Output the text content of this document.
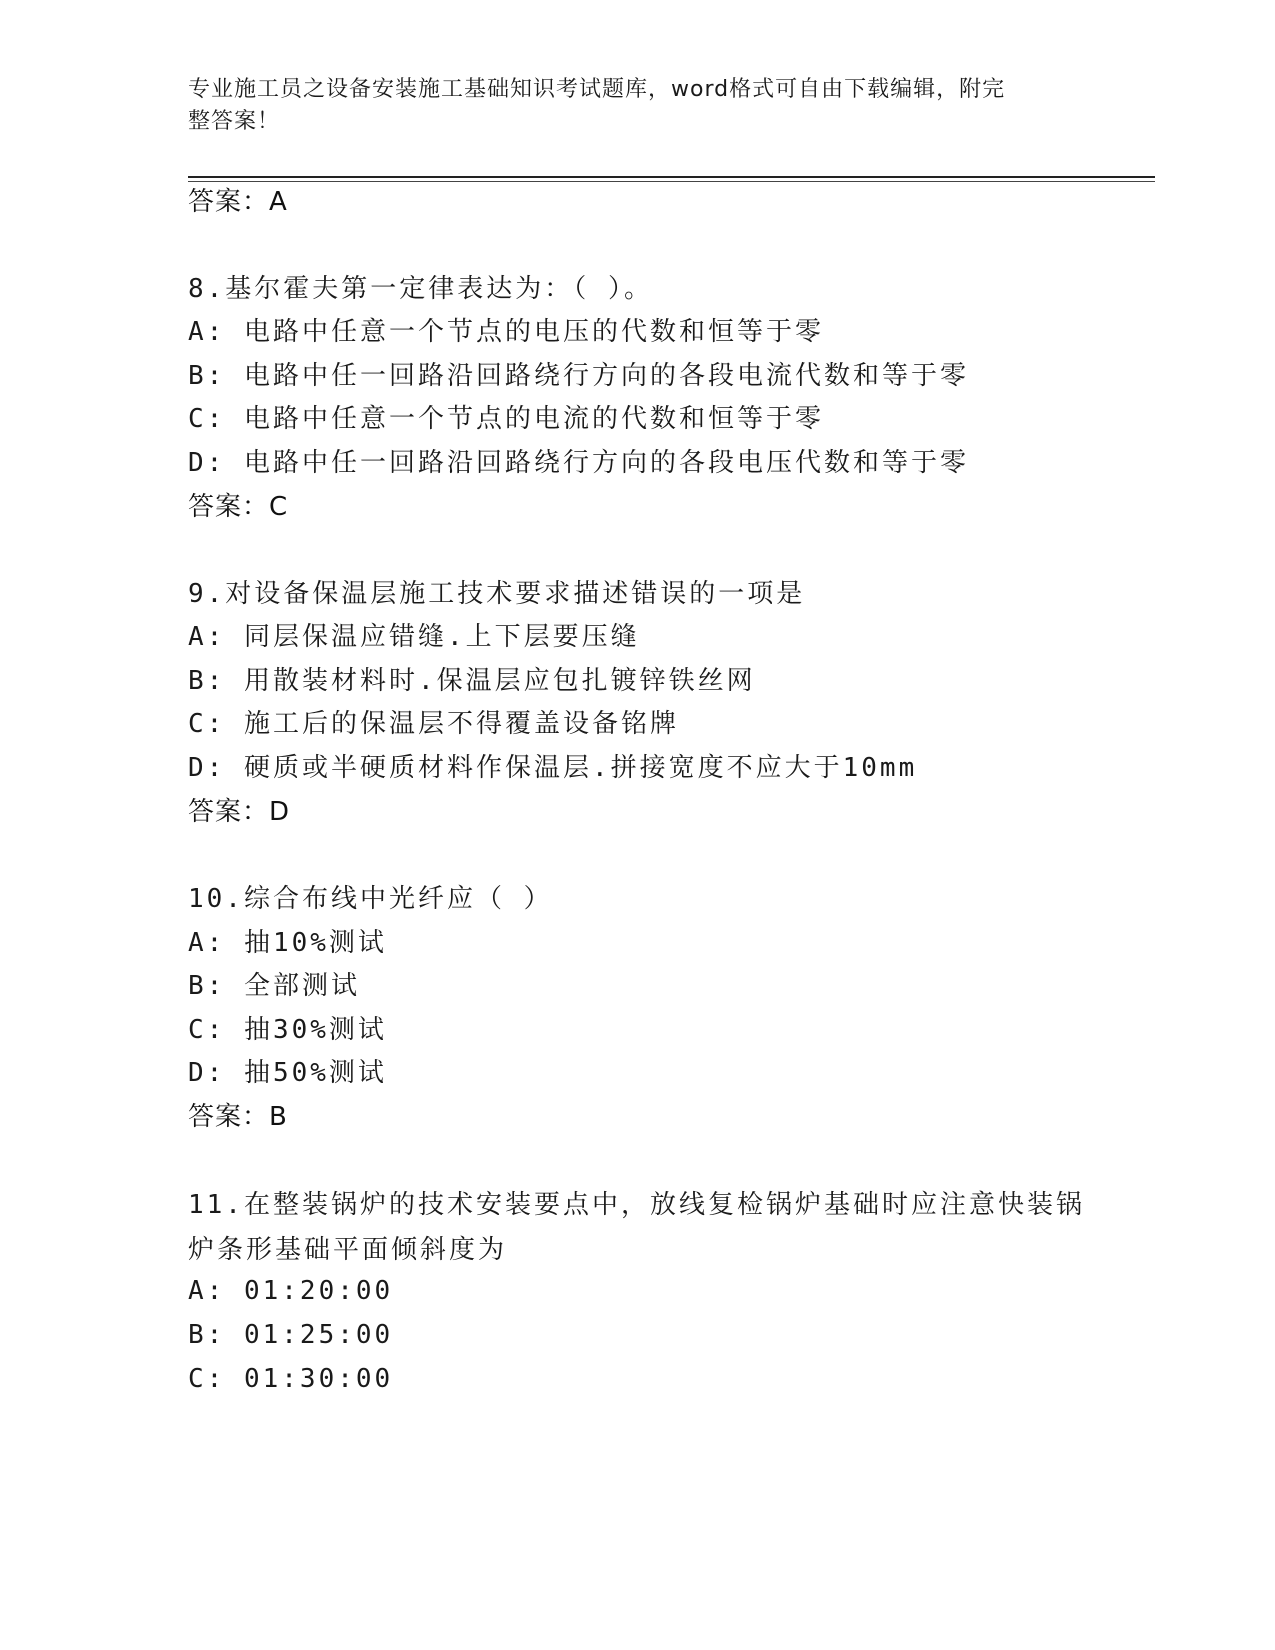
专业施工员之设备安装施工基础知识考试题库，word格式可自由下载编辑，附完
整答案！
答案：A
8.基尔霍夫第一定律表达为：（ ）。
A: 电路中任意一个节点的电压的代数和恒等于零
B: 电路中任一回路沿回路绕行方向的各段电流代数和等于零
C: 电路中任意一个节点的电流的代数和恒等于零
D: 电路中任一回路沿回路绕行方向的各段电压代数和等于零
答案：C
9.对设备保温层施工技术要求描述错误的一项是
A: 同层保温应错缝.上下层要压缝
B: 用散装材料时.保温层应包扎镀锌铁丝网
C: 施工后的保温层不得覆盖设备铭牌
D: 硬质或半硬质材料作保温层.拼接宽度不应大于10mm
答案：D
10.综合布线中光纤应（ ）
A: 抽10%测试
B: 全部测试
C: 抽30%测试
D: 抽50%测试
答案：B
11.在整装锅炉的技术安装要点中，放线复检锅炉基础时应注意快装锅炉条形基础平面倾斜度为
A: 01:20:00
B: 01:25:00
C: 01:30:00
